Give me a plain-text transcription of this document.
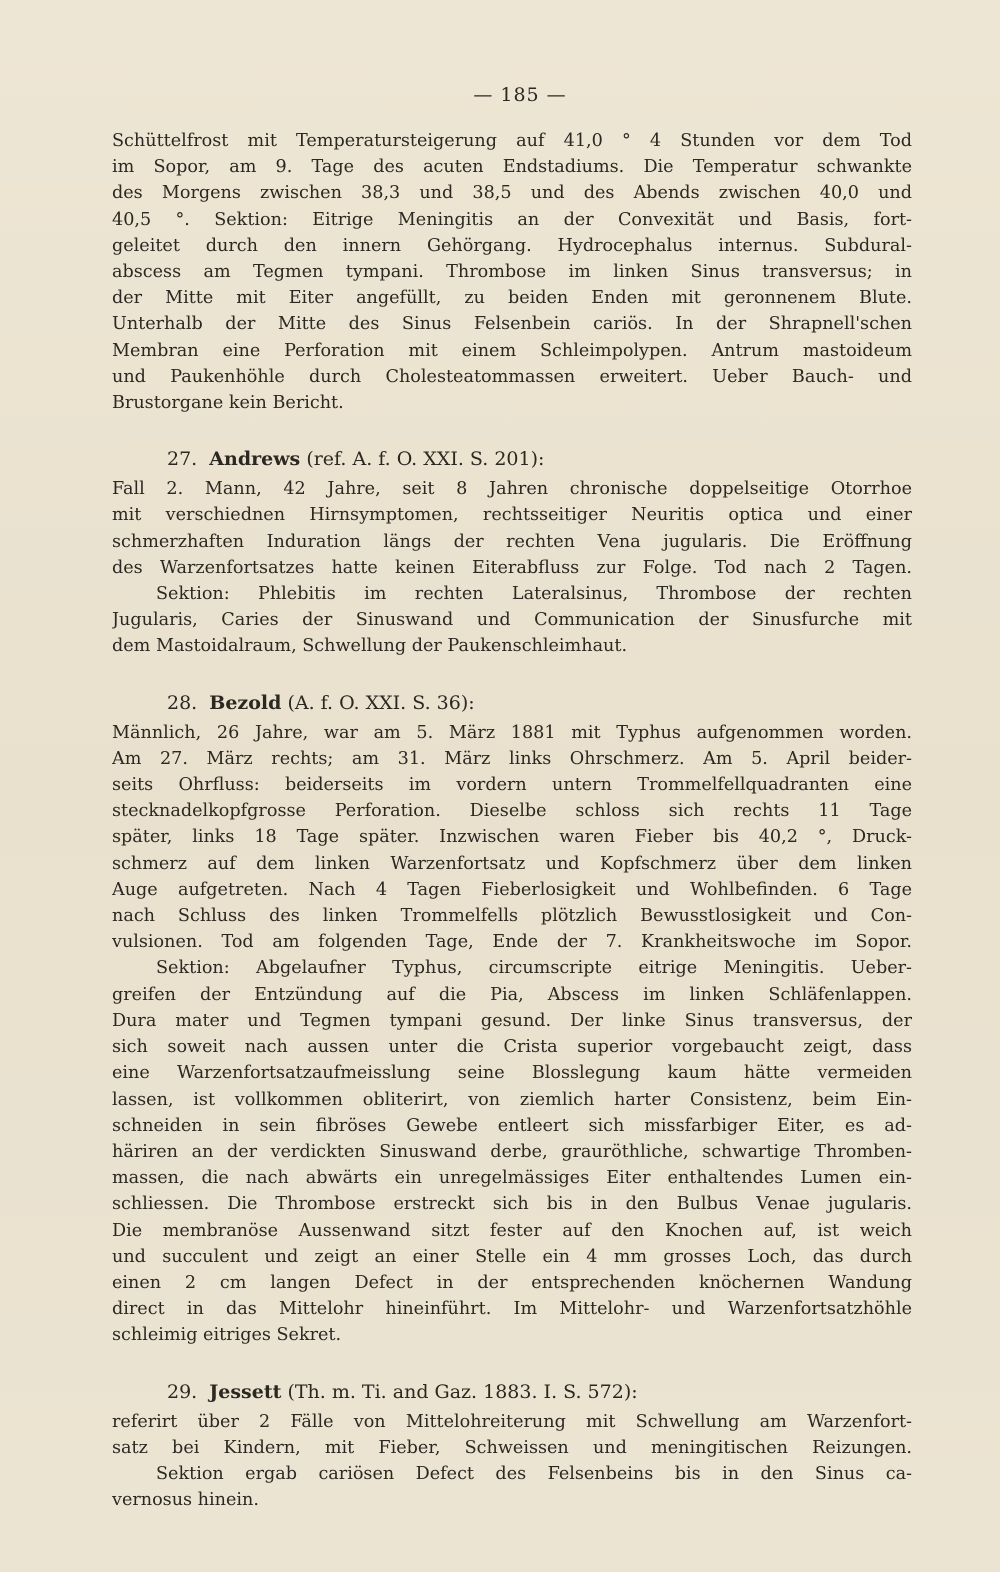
— 185 —
Schüttelfrost mit Temperatursteigerung auf 41,0 ° 4 Stunden vor dem Tod
im Sopor, am 9. Tage des acuten Endstadiums. Die Temperatur schwankte
des Morgens zwischen 38,3 und 38,5 und des Abends zwischen 40,0 und
40,5 °. Sektion: Eitrige Meningitis an der Convexität und Basis, fort-
geleitet durch den innern Gehörgang. Hydrocephalus internus. Subdural-
abscess am Tegmen tympani. Thrombose im linken Sinus transversus; in
der Mitte mit Eiter angefüllt, zu beiden Enden mit geronnenem Blute.
Unterhalb der Mitte des Sinus Felsenbein cariös. In der Shrapnell'schen
Membran eine Perforation mit einem Schleimpolypen. Antrum mastoideum
und Paukenhöhle durch Cholesteatommassen erweitert. Ueber Bauch- und
Brustorgane kein Bericht.
27. Andrews (ref. A. f. O. XXI. S. 201):
Fall 2. Mann, 42 Jahre, seit 8 Jahren chronische doppelseitige Otorrhoe
mit verschiednen Hirnsymptomen, rechtsseitiger Neuritis optica und einer
schmerzhaften Induration längs der rechten Vena jugularis. Die Eröffnung
des Warzenfortsatzes hatte keinen Eiterabfluss zur Folge. Tod nach 2 Tagen.
Sektion: Phlebitis im rechten Lateralsinus, Thrombose der rechten
Jugularis, Caries der Sinuswand und Communication der Sinusfurche mit
dem Mastoidalraum, Schwellung der Paukenschleimhaut.
28. Bezold (A. f. O. XXI. S. 36):
Männlich, 26 Jahre, war am 5. März 1881 mit Typhus aufgenommen worden.
Am 27. März rechts; am 31. März links Ohrschmerz. Am 5. April beider-
seits Ohrfluss: beiderseits im vordern untern Trommelfellquadranten eine
stecknadelkopfgrosse Perforation. Dieselbe schloss sich rechts 11 Tage
später, links 18 Tage später. Inzwischen waren Fieber bis 40,2 °, Druck-
schmerz auf dem linken Warzenfortsatz und Kopfschmerz über dem linken
Auge aufgetreten. Nach 4 Tagen Fieberlosigkeit und Wohlbefinden. 6 Tage
nach Schluss des linken Trommelfells plötzlich Bewusstlosigkeit und Con-
vulsionen. Tod am folgenden Tage, Ende der 7. Krankheitswoche im Sopor.
Sektion: Abgelaufner Typhus, circumscripte eitrige Meningitis. Ueber-
greifen der Entzündung auf die Pia, Abscess im linken Schläfenlappen.
Dura mater und Tegmen tympani gesund. Der linke Sinus transversus, der
sich soweit nach aussen unter die Crista superior vorgebaucht zeigt, dass
eine Warzenfortsatzaufmeisslung seine Blosslegung kaum hätte vermeiden
lassen, ist vollkommen obliterirt, von ziemlich harter Consistenz, beim Ein-
schneiden in sein fibröses Gewebe entleert sich missfarbiger Eiter, es ad-
häriren an der verdickten Sinuswand derbe, grauröthliche, schwartige Thromben-
massen, die nach abwärts ein unregelmässiges Eiter enthaltendes Lumen ein-
schliessen. Die Thrombose erstreckt sich bis in den Bulbus Venae jugularis.
Die membranöse Aussenwand sitzt fester auf den Knochen auf, ist weich
und succulent und zeigt an einer Stelle ein 4 mm grosses Loch, das durch
einen 2 cm langen Defect in der entsprechenden knöchernen Wandung
direct in das Mittelohr hineinführt. Im Mittelohr- und Warzenfortsatzhöhle
schleimig eitriges Sekret.
29. Jessett (Th. m. Ti. and Gaz. 1883. I. S. 572):
referirt über 2 Fälle von Mittelohreiterung mit Schwellung am Warzenfort-
satz bei Kindern, mit Fieber, Schweissen und meningitischen Reizungen.
Sektion ergab cariösen Defect des Felsenbeins bis in den Sinus ca-
vernosus hinein.
